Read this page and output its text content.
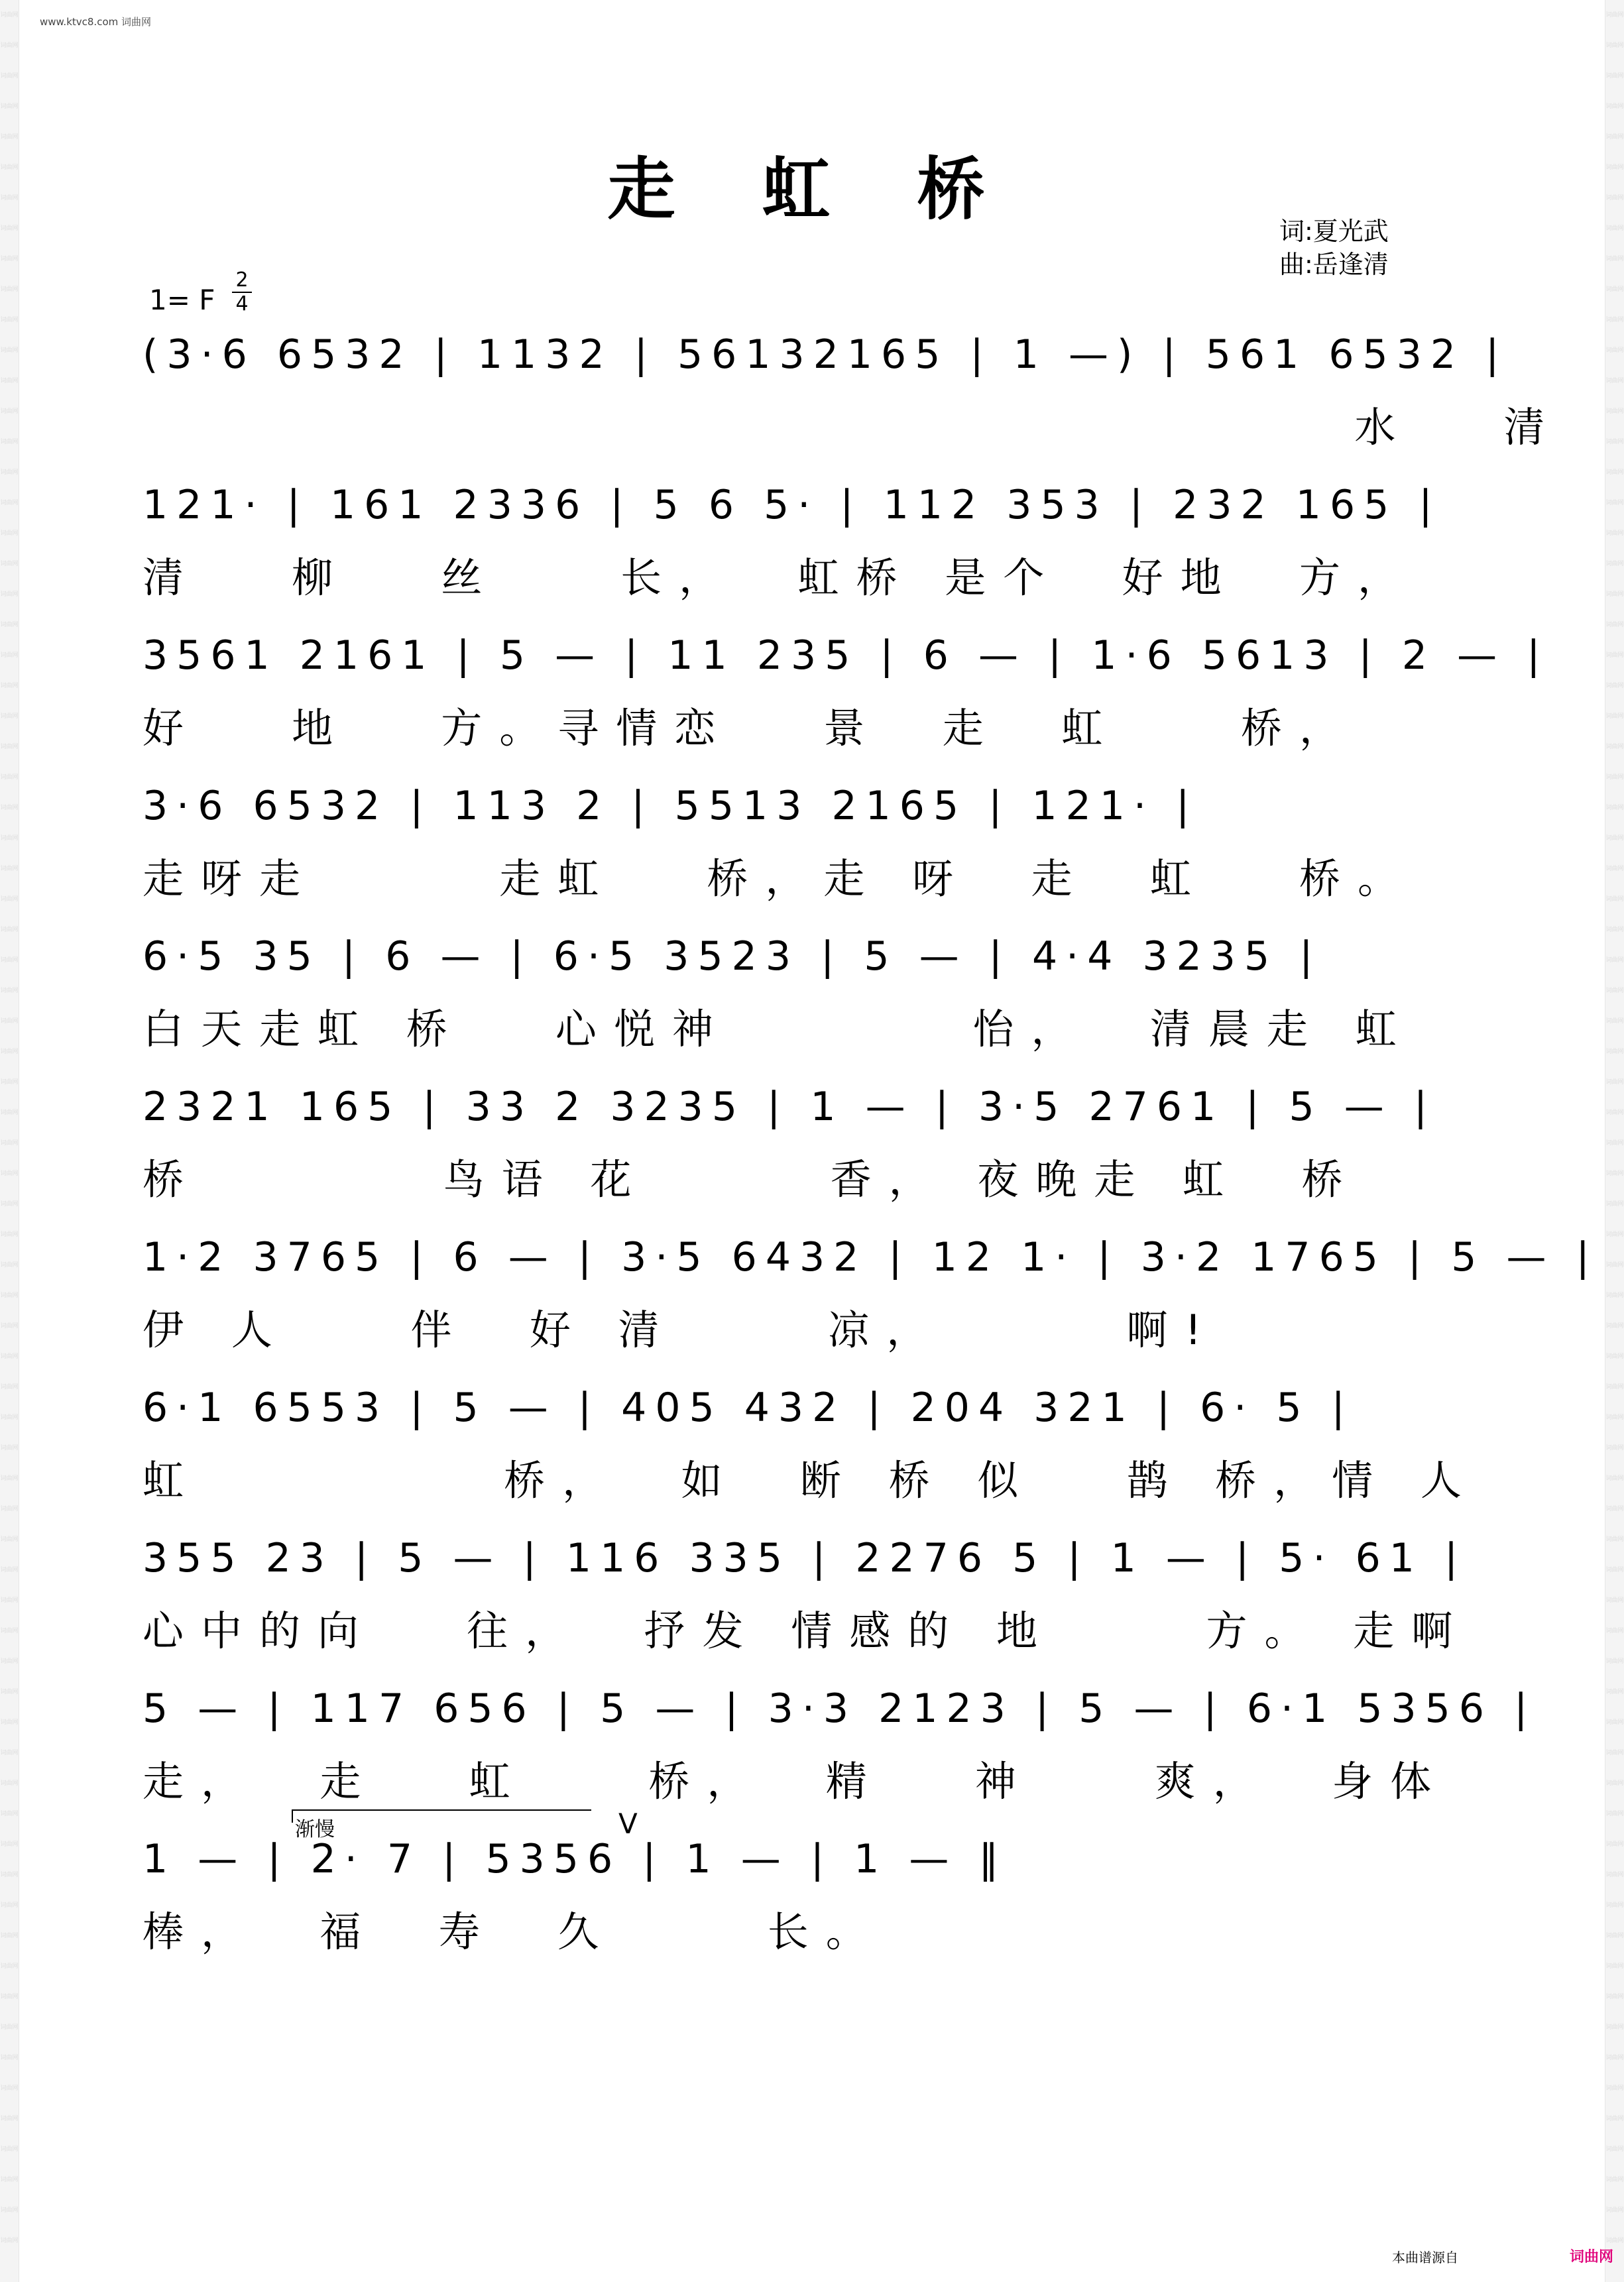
词曲网
词曲网
词曲网
词曲网
词曲网
词曲网
词曲网
词曲网
词曲网
词曲网
词曲网
词曲网
词曲网
词曲网
词曲网
词曲网
词曲网
词曲网
词曲网
词曲网
词曲网
词曲网
词曲网
词曲网
词曲网
词曲网
词曲网
词曲网
词曲网
词曲网
词曲网
词曲网
词曲网
词曲网
词曲网
词曲网
词曲网
词曲网
词曲网
词曲网
词曲网
词曲网
词曲网
词曲网
词曲网
词曲网
词曲网
词曲网
词曲网
词曲网
词曲网
词曲网
词曲网
词曲网
词曲网
词曲网
词曲网
词曲网
词曲网
词曲网
词曲网
词曲网
词曲网
词曲网
词曲网
词曲网
词曲网
词曲网
词曲网
词曲网
词曲网
词曲网
词曲网
词曲网
词曲网
词曲网
词曲网
词曲网
词曲网
词曲网
词曲网
词曲网
词曲网
词曲网
词曲网
词曲网
词曲网
词曲网
词曲网
词曲网
词曲网
词曲网
词曲网
词曲网
词曲网
词曲网
词曲网
词曲网
词曲网
词曲网
词曲网
词曲网
词曲网
词曲网
词曲网
词曲网
词曲网
词曲网
词曲网
词曲网
词曲网
词曲网
词曲网
词曲网
词曲网
词曲网
词曲网
词曲网
词曲网
词曲网
词曲网
词曲网
词曲网
词曲网
词曲网
词曲网
词曲网
词曲网
词曲网
词曲网
词曲网
词曲网
词曲网
词曲网
词曲网
词曲网
词曲网
词曲网
词曲网
词曲网
词曲网
词曲网
词曲网
词曲网
词曲网
词曲网
词曲网
词曲网
www.ktvc8.com 词曲网
走 虹 桥
词:夏光武
曲:岳逢清
1= F
2
4
(3·6 6532 | 1132 | 56132165 | 1 —) | 561 6532 |
水   清
121· | 161 2336 | 5 6 5· | 112 353 | 232 165 |
清   柳   丝    长，  虹桥 是个  好地  方，
3561 2161 | 5 — | 11 235 | 6 — | 1·6 5613 | 2 — |
好   地   方。寻情恋   景  走  虹    桥，
3·6 6532 | 113 2 | 5513 2165 | 121· |
走呀走      走虹   桥，走 呀  走  虹   桥。
6·5 35 | 6 — | 6·5 3523 | 5 — | 4·4 3235 |
白天走虹 桥   心悦神        怡，  清晨走 虹
2321 165 | 33 2 3235 | 1 — | 3·5 2761 | 5 — |
桥        鸟语 花      香， 夜晚走 虹  桥
1·2 3765 | 6 — | 3·5 6432 | 12 1· | 3·2 1765 | 5 — |
伊 人    伴  好 清     凉，      啊!
6·1 6553 | 5 — | 405 432 | 204 321 | 6· 5 |
虹          桥，  如  断 桥 似   鹊 桥，情 人
355 23 | 5 — | 116 335 | 2276 5 | 1 — | 5· 61 |
心中的向   往，  抒发 情感的 地     方。 走啊
5 — | 117 656 | 5 — | 3·3 2123 | 5 — | 6·1 5356 |
走，  走   虹    桥，  精   神    爽，  身体
1 — | 2· 7 | 5356 | 1 — | 1 — ‖
棒，  福  寿  久     长。
渐慢	V
本曲谱源自	词曲网
